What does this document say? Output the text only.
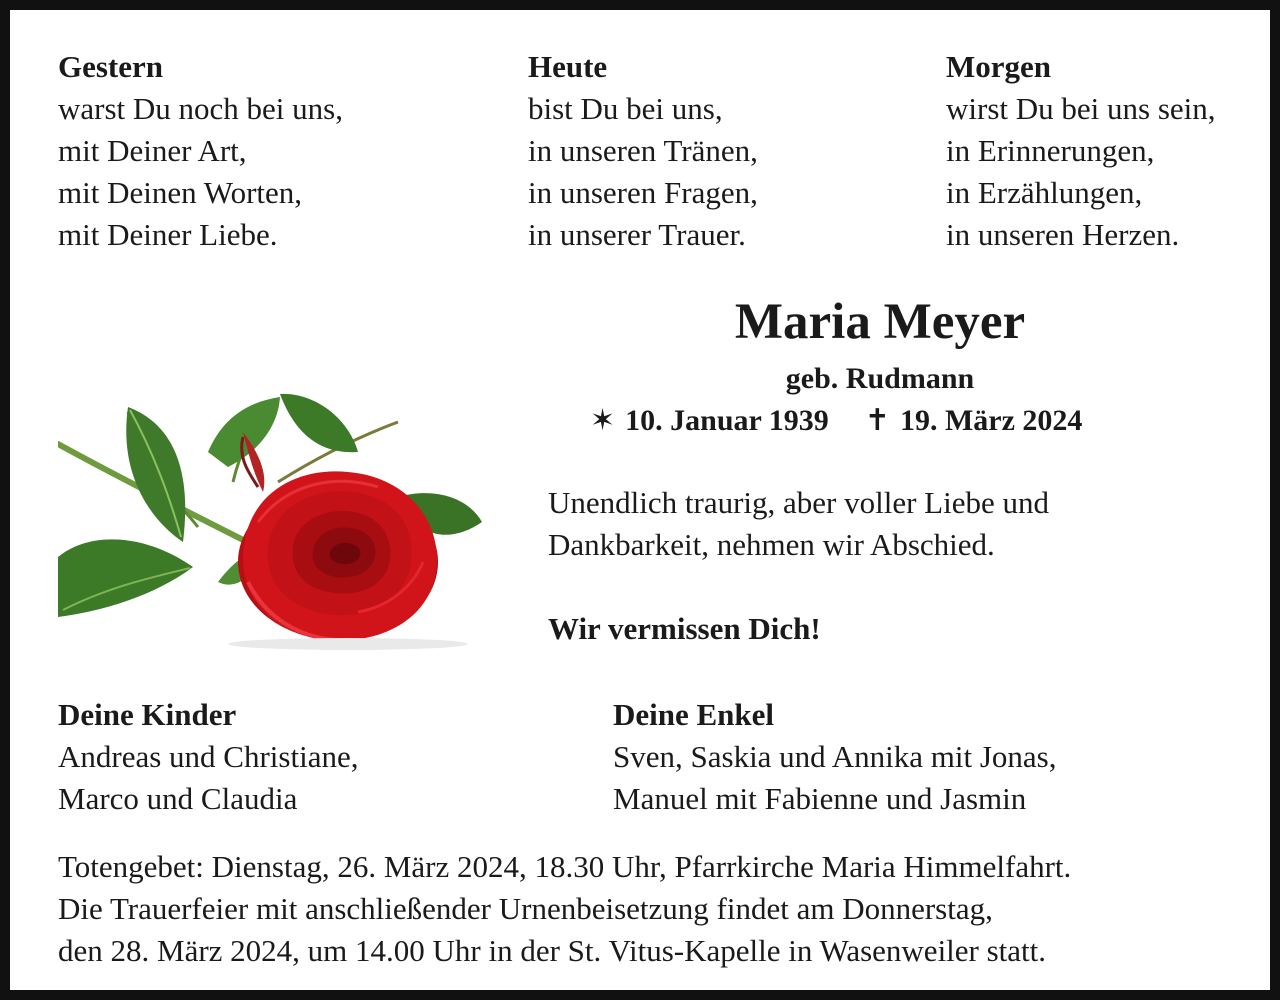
Gestern
warst Du noch bei uns,
mit Deiner Art,
mit Deinen Worten,
mit Deiner Liebe.
Heute
bist Du bei uns,
in unseren Tränen,
in unseren Fragen,
in unserer Trauer.
Morgen
wirst Du bei uns sein,
in Erinnerungen,
in Erzählungen,
in unseren Herzen.
Maria Meyer
geb. Rudmann
✶ 10. Januar 1939 ✝ 19. März 2024
Unendlich traurig, aber voller Liebe und
Dankbarkeit, nehmen wir Abschied.
Wir vermissen Dich!
Deine Kinder
Andreas und Christiane,
Marco und Claudia
Deine Enkel
Sven, Saskia und Annika mit Jonas,
Manuel mit Fabienne und Jasmin
Totengebet: Dienstag, 26. März 2024, 18.30 Uhr, Pfarrkirche Maria Himmelfahrt.
Die Trauerfeier mit anschließender Urnenbeisetzung findet am Donnerstag,
den 28. März 2024, um 14.00 Uhr in der St. Vitus-Kapelle in Wasenweiler statt.
